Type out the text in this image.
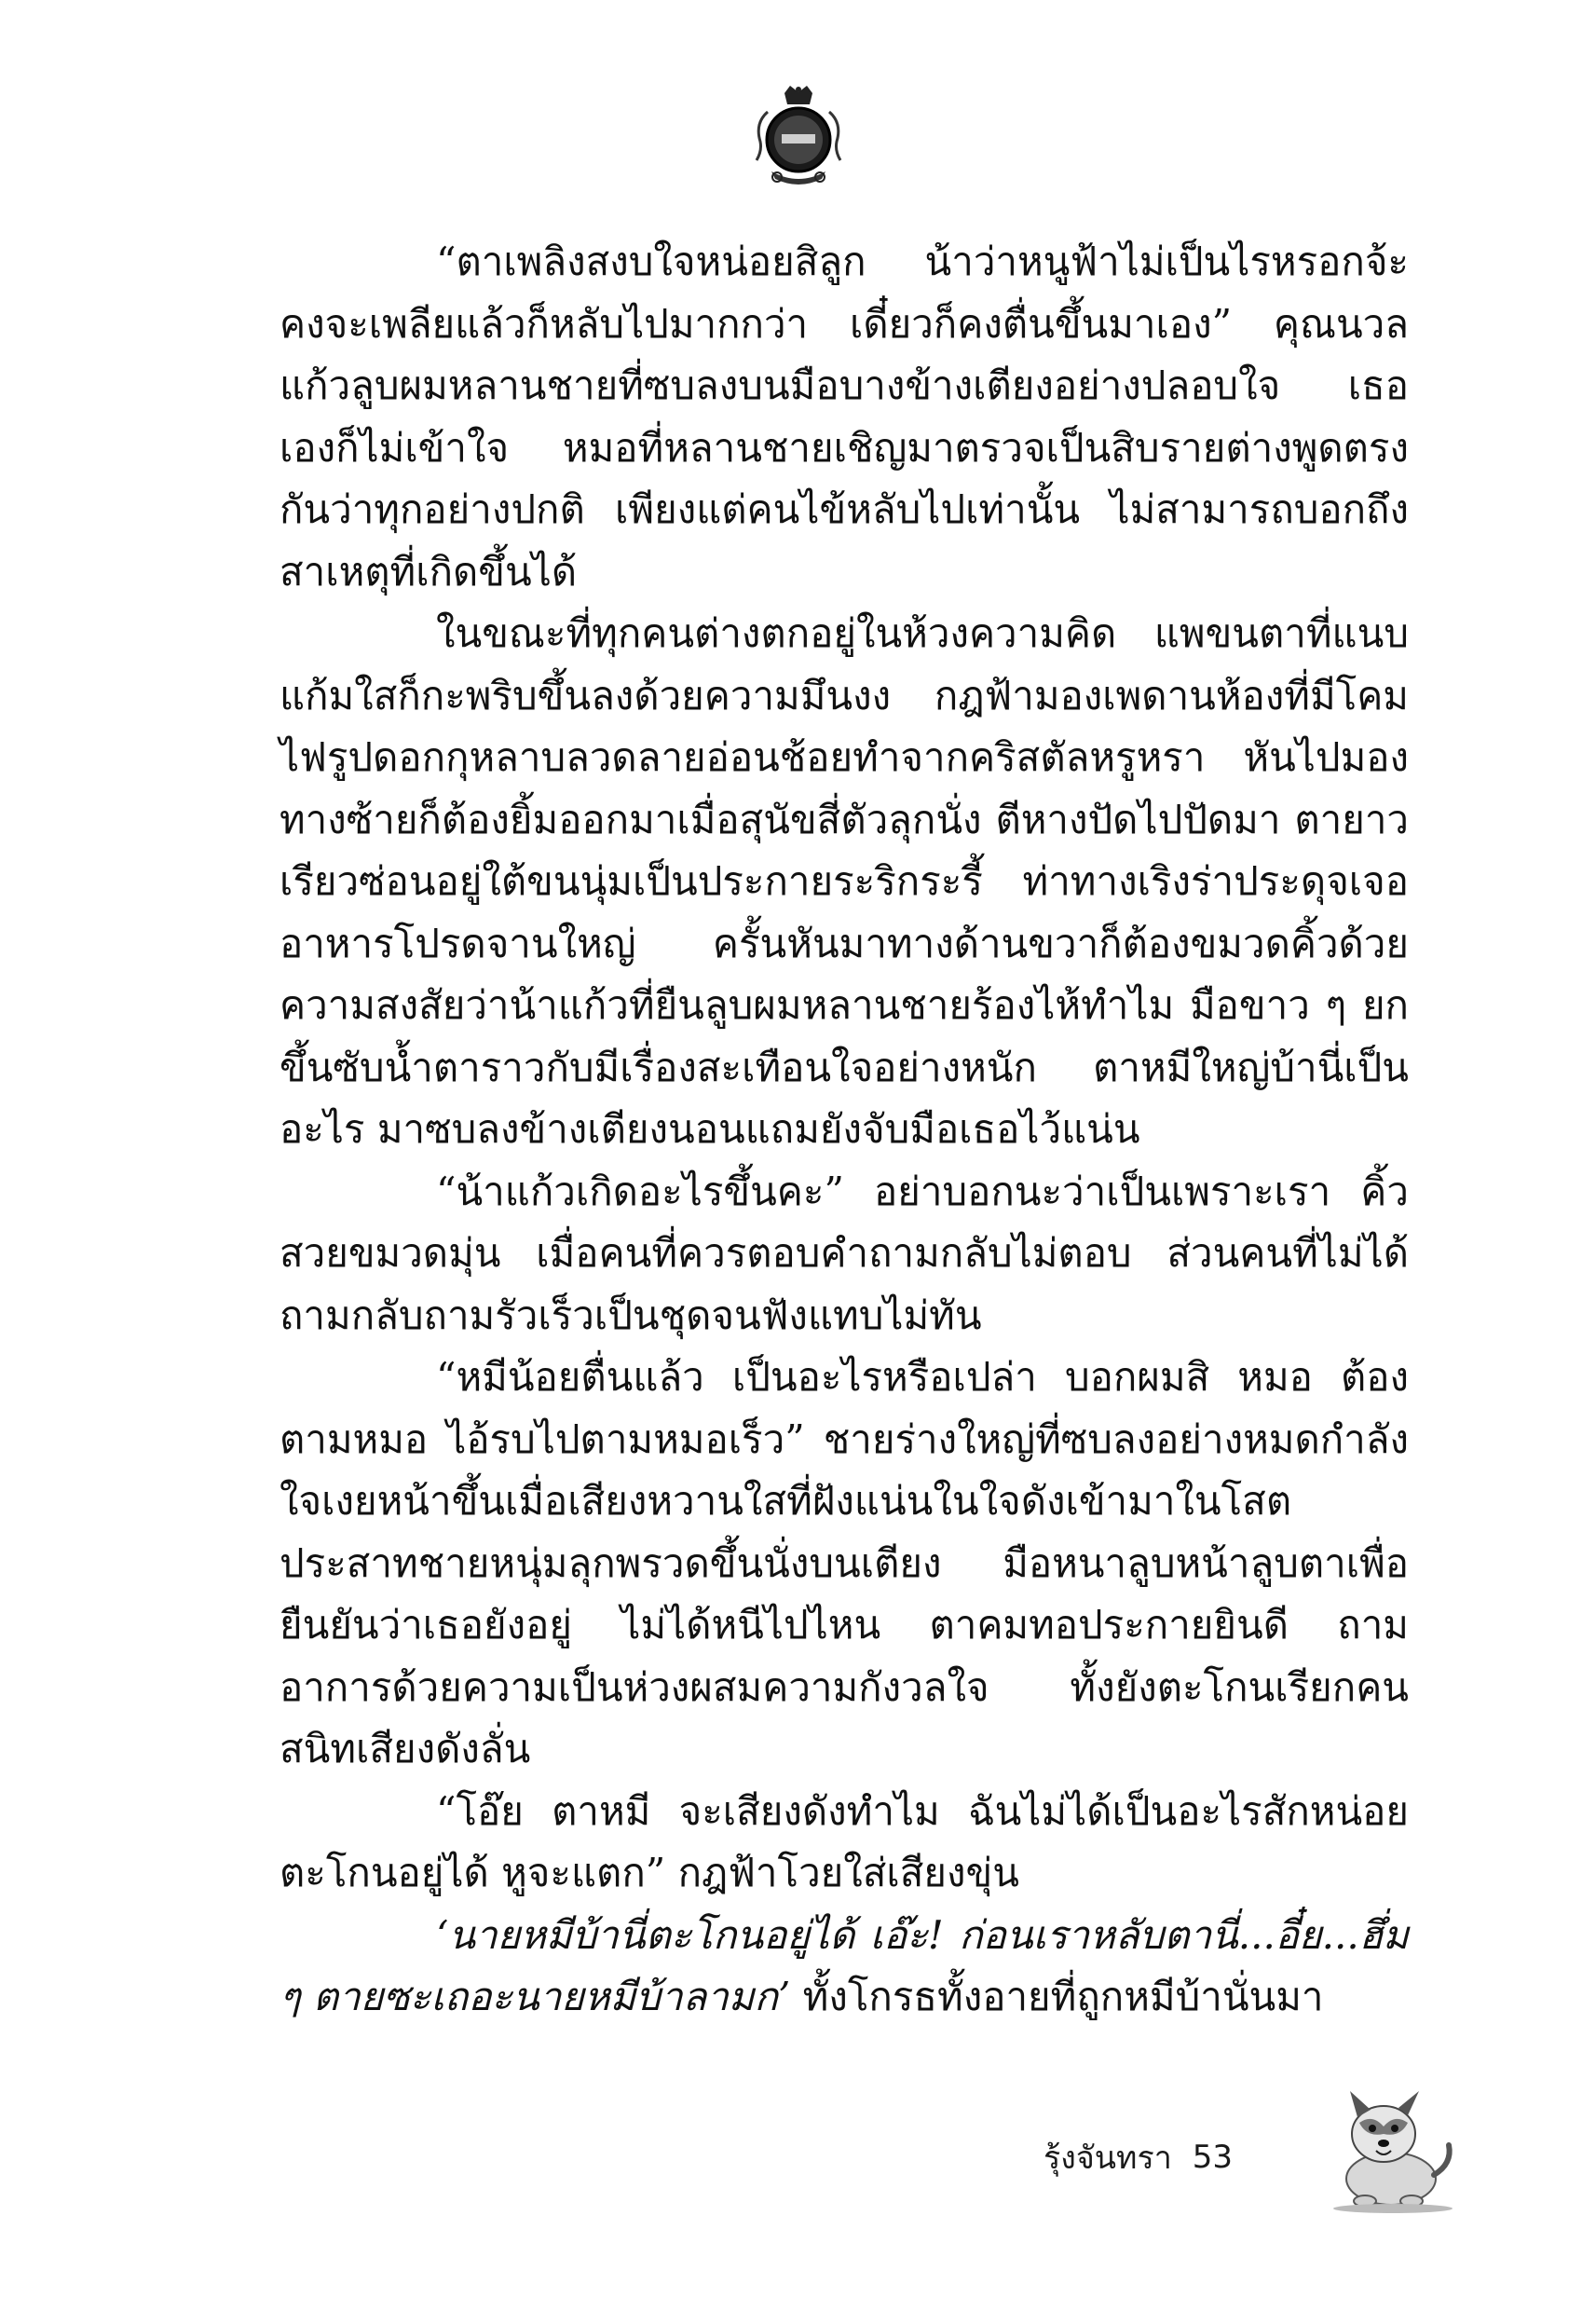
“ตาเพลิงสงบใจหน่อยสิลูก น้าว่าหนูฟ้าไม่เป็นไรหรอกจ้ะ คงจะเพลียแล้วก็หลับไปมากกว่า เดี๋ยวก็คงตื่นขึ้นมาเอง” คุณนวลแก้วลูบผมหลานชายที่ซบลงบนมือบางข้างเตียงอย่างปลอบใจ เธอเองก็ไม่เข้าใจ หมอที่หลานชายเชิญมาตรวจเป็นสิบรายต่างพูดตรงกันว่าทุกอย่างปกติ เพียงแต่คนไข้หลับไปเท่านั้น ไม่สามารถบอกถึงสาเหตุที่เกิดขึ้นได้

ในขณะที่ทุกคนต่างตกอยู่ในห้วงความคิด แพขนตาที่แนบแก้มใสก็กะพริบขึ้นลงด้วยความมึนงง กฎฟ้ามองเพดานห้องที่มีโคมไฟรูปดอกกุหลาบลวดลายอ่อนช้อยทำจากคริสตัลหรูหรา หันไปมองทางซ้ายก็ต้องยิ้มออกมาเมื่อสุนัขสี่ตัวลุกนั่ง ตีหางปัดไปปัดมา ตายาวเรียวซ่อนอยู่ใต้ขนนุ่มเป็นประกายระริกระรี้ ท่าทางเริงร่าประดุจเจออาหารโปรดจานใหญ่ ครั้นหันมาทางด้านขวาก็ต้องขมวดคิ้วด้วยความสงสัยว่าน้าแก้วที่ยืนลูบผมหลานชายร้องไห้ทำไม มือขาว ๆ ยกขึ้นซับน้ำตาราวกับมีเรื่องสะเทือนใจอย่างหนัก ตาหมีใหญ่บ้านี่เป็นอะไร มาซบลงข้างเตียงนอนแถมยังจับมือเธอไว้แน่น

“น้าแก้วเกิดอะไรขึ้นคะ” อย่าบอกนะว่าเป็นเพราะเรา คิ้วสวยขมวดมุ่น เมื่อคนที่ควรตอบคำถามกลับไม่ตอบ ส่วนคนที่ไม่ได้ถามกลับถามรัวเร็วเป็นชุดจนฟังแทบไม่ทัน

“หมีน้อยตื่นแล้ว เป็นอะไรหรือเปล่า บอกผมสิ หมอ ต้องตามหมอ ไอ้รบไปตามหมอเร็ว” ชายร่างใหญ่ที่ซบลงอย่างหมดกำลังใจเงยหน้าขึ้นเมื่อเสียงหวานใสที่ฝังแน่นในใจดังเข้ามาในโสตประสาทชายหนุ่มลุกพรวดขึ้นนั่งบนเตียง มือหนาลูบหน้าลูบตาเพื่อยืนยันว่าเธอยังอยู่ ไม่ได้หนีไปไหน ตาคมทอประกายยินดี ถามอาการด้วยความเป็นห่วงผสมความกังวลใจ ทั้งยังตะโกนเรียกคนสนิทเสียงดังลั่น

“โอ๊ย ตาหมี จะเสียงดังทำไม ฉันไม่ได้เป็นอะไรสักหน่อยตะโกนอยู่ได้ หูจะแตก” กฎฟ้าโวยใส่เสียงขุ่น

‘นายหมีบ้านี่ตะโกนอยู่ได้ เอ๊ะ! ก่อนเราหลับตานี่...อี๋ย...ฮึ่ม ๆ ตายซะเถอะนายหมีบ้าลามก’ ทั้งโกรธทั้งอายที่ถูกหมีบ้านั่นมา

รุ้งจันทรา 53
